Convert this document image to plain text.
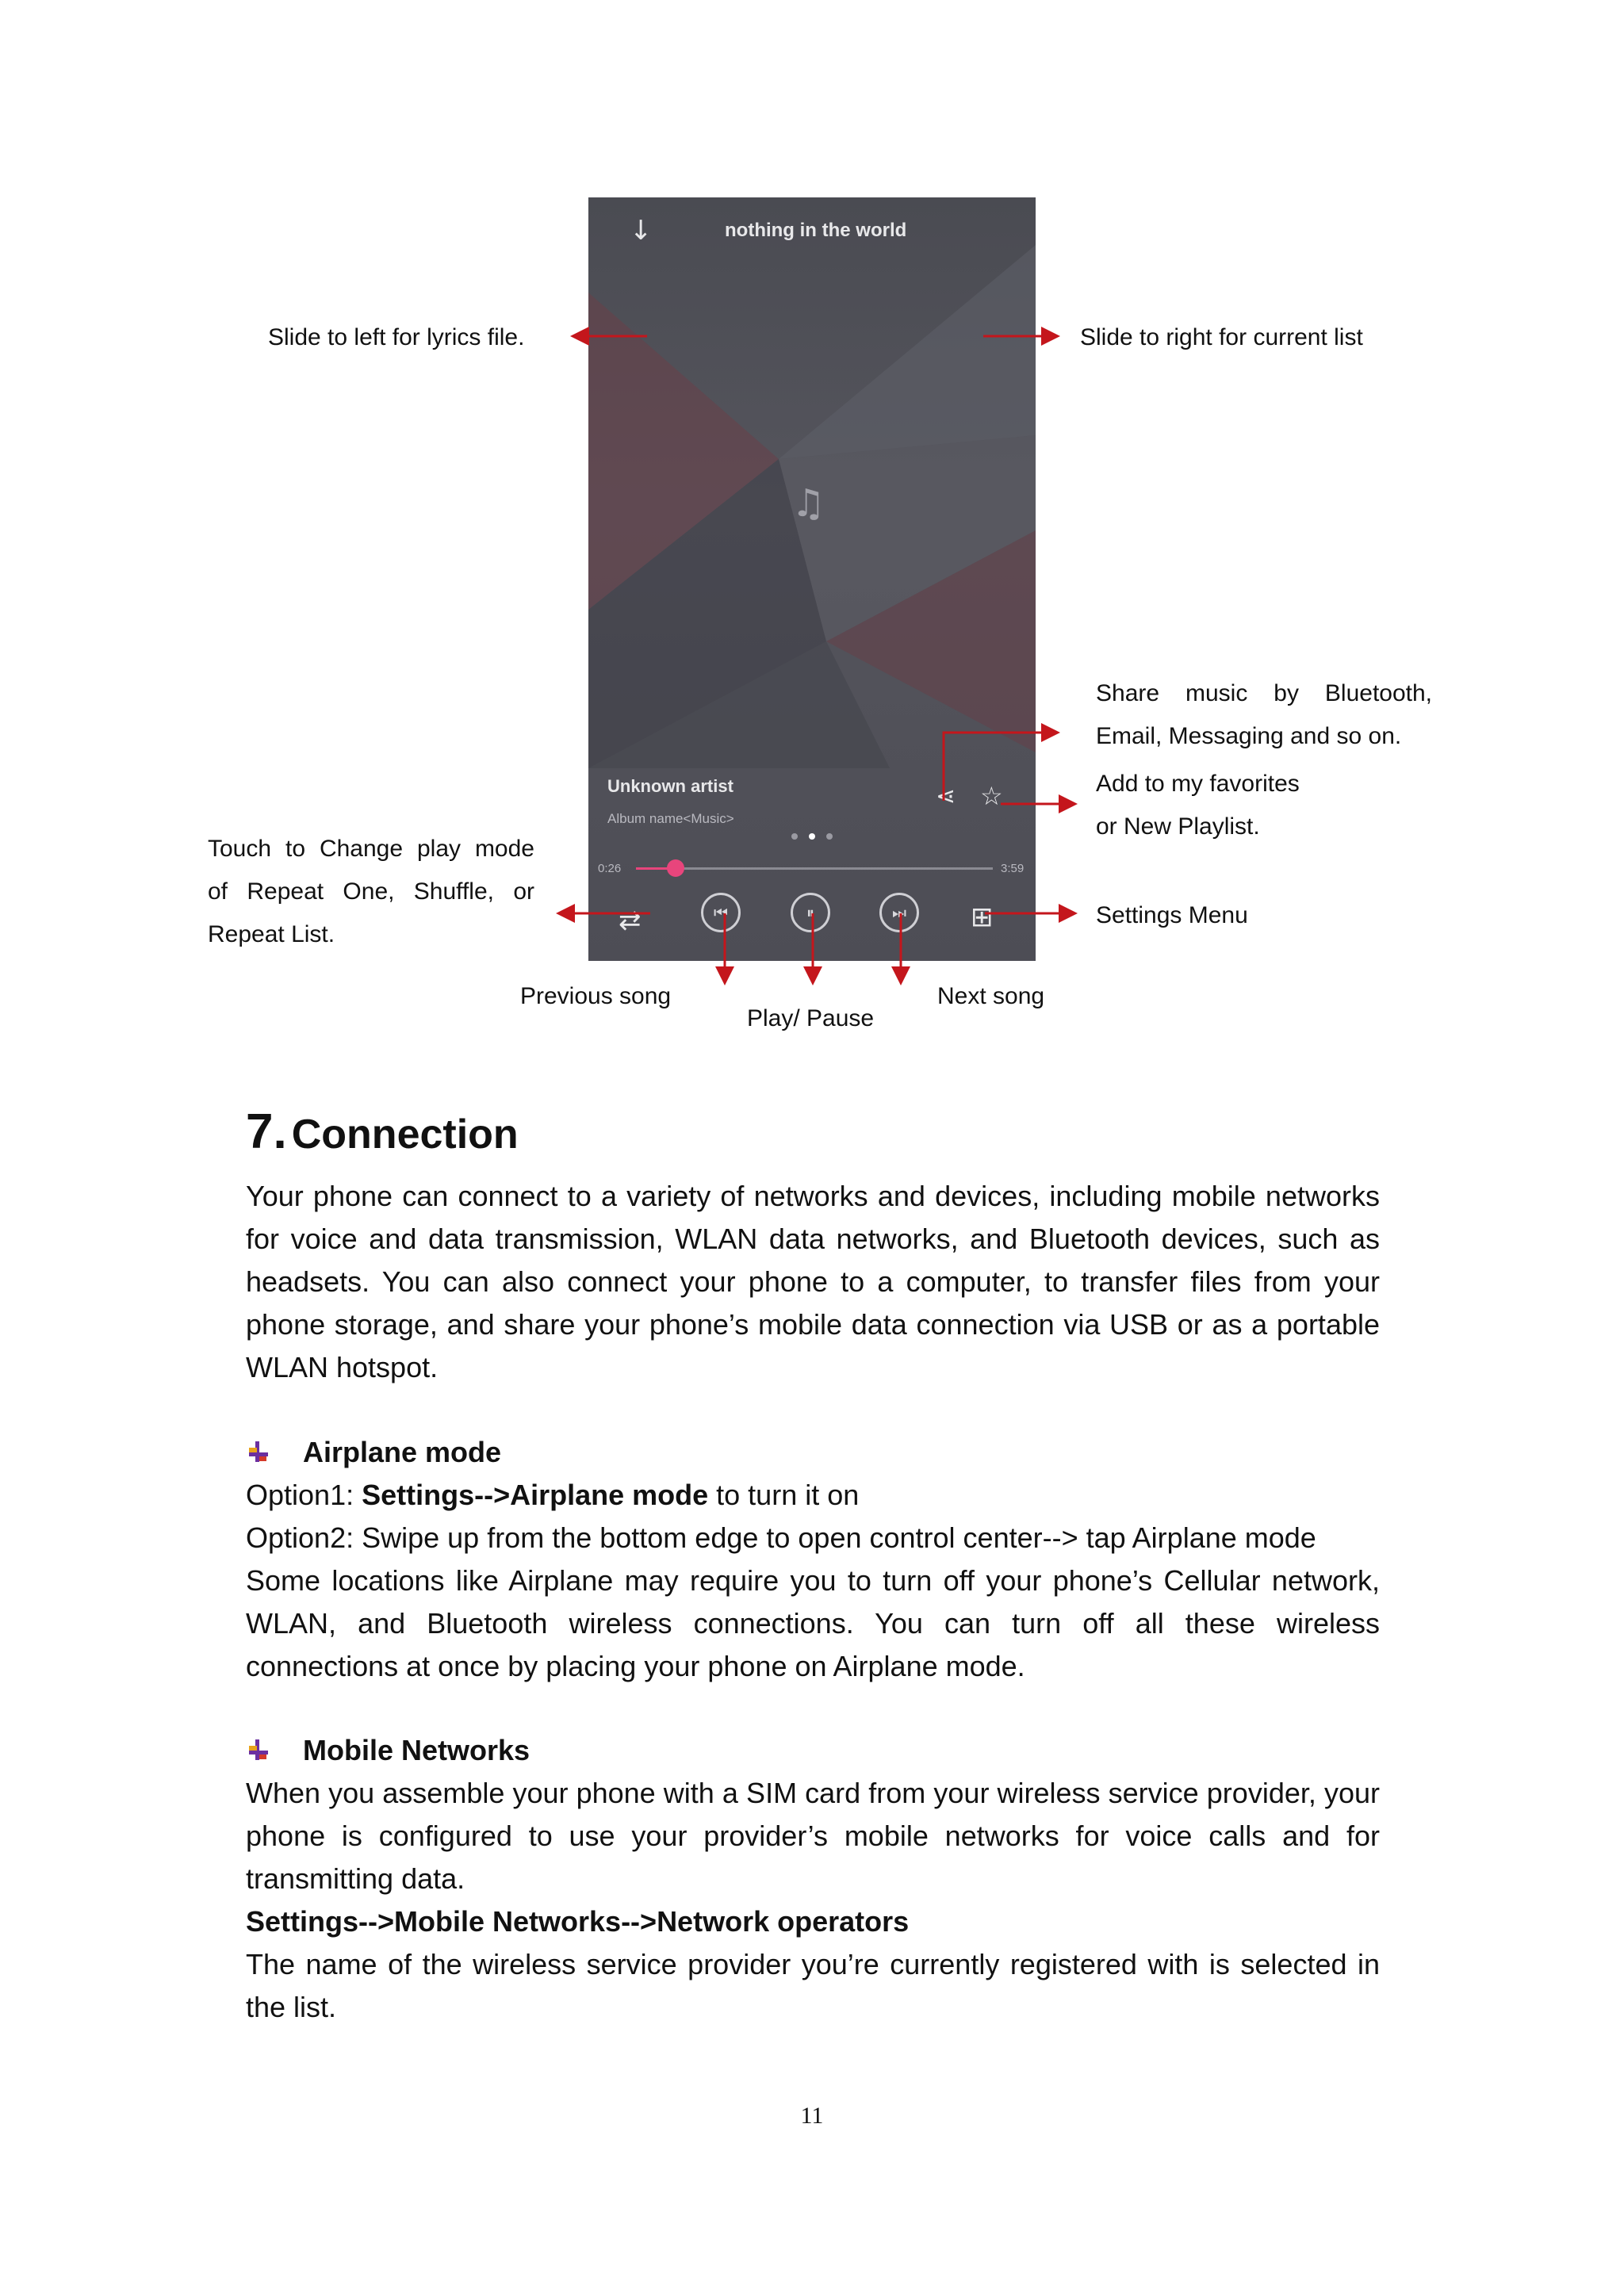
↓	nothing in the world
♫
Unknown artist
Album name<Music>
⋖ ☆
0:26	3:59
⇄	⏮	⏸	⏭	⊞
Slide to left for lyrics file.	Slide to right for current list
Share music by Bluetooth,
Email, Messaging and so on.
Add to my favorites
or New Playlist.
Touch to Change play mode
of Repeat One, Shuffle, or
Repeat List.
Settings Menu
Previous song
Play/ Pause
Next song
7. Connection

Your phone can connect to a variety of networks and devices, including mobile networks

for voice and data transmission, WLAN data networks, and Bluetooth devices, such as

headsets. You can also connect your phone to a computer, to transfer files from your

phone storage, and share your phone’s mobile data connection via USB or as a portable

WLAN hotspot.

Airplane mode

Option1: Settings-->Airplane mode to turn it on

Option2: Swipe up from the bottom edge to open control center--> tap Airplane mode

Some locations like Airplane may require you to turn off your phone’s Cellular network,

WLAN, and Bluetooth wireless connections. You can turn off all these wireless

connections at once by placing your phone on Airplane mode.

Mobile Networks

When you assemble your phone with a SIM card from your wireless service provider, your

phone is configured to use your provider’s mobile networks for voice calls and for

transmitting data.

Settings-->Mobile Networks-->Network operators

The name of the wireless service provider you’re currently registered with is selected in

the list.

11
